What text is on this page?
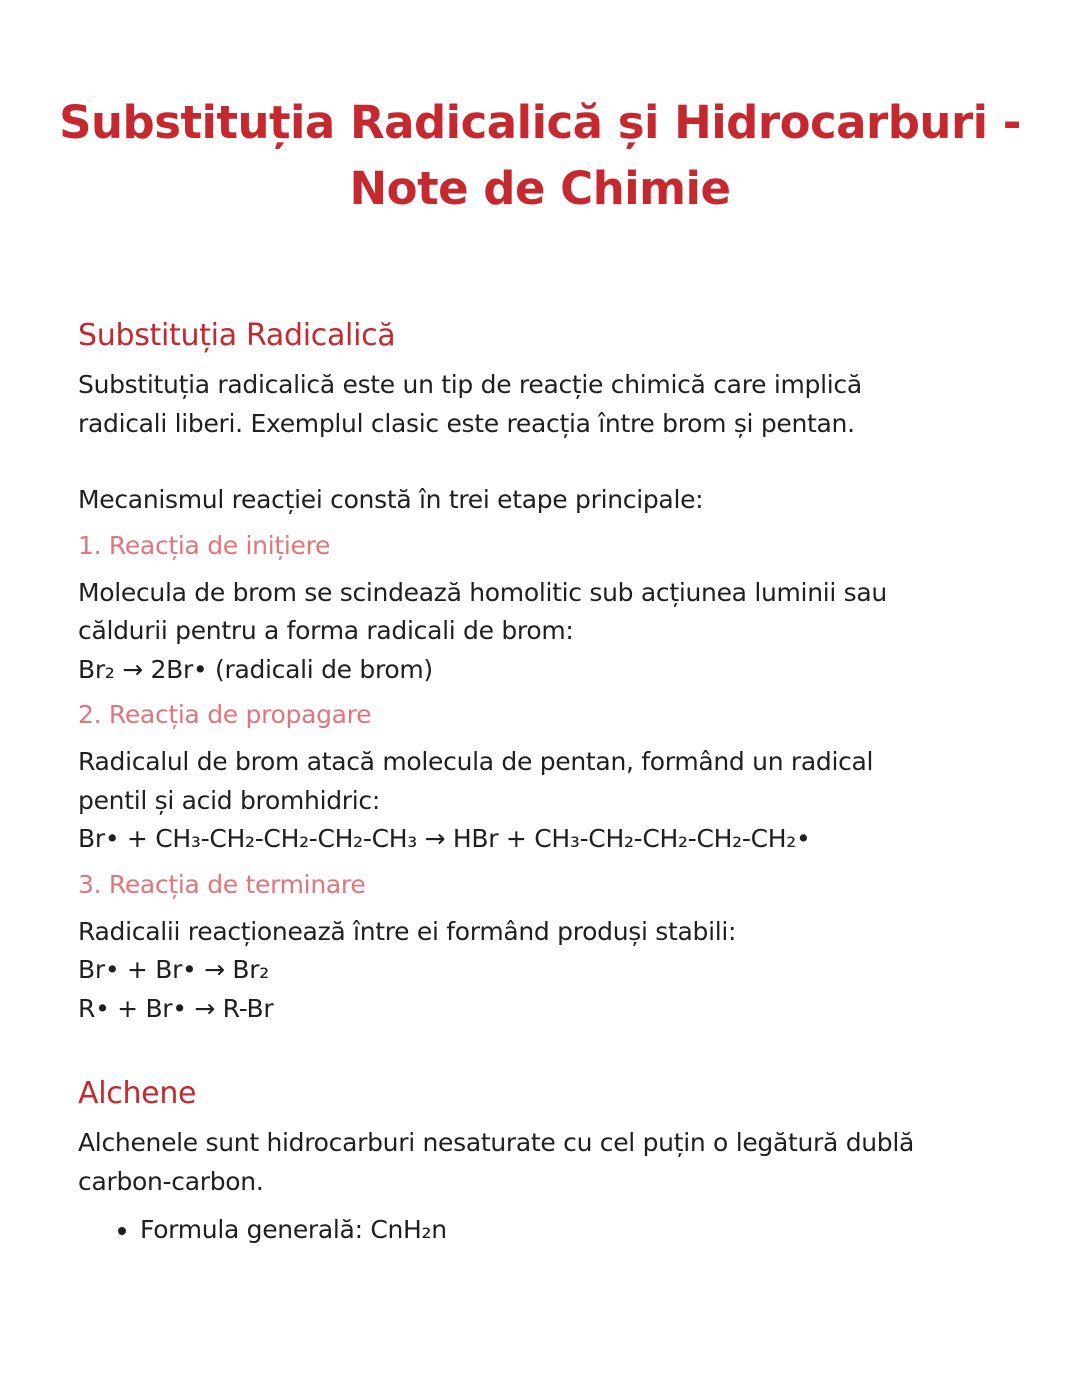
Substituția Radicalică și Hidrocarburi -
Note de Chimie
Substituția Radicalică

Substituția radicalică este un tip de reacție chimică care implică
radicali liberi. Exemplul clasic este reacția între brom și pentan.

Mecanismul reacției constă în trei etape principale:

1. Reacția de inițiere

Molecula de brom se scindează homolitic sub acțiunea luminii sau
căldurii pentru a forma radicali de brom:
Br₂ → 2Br• (radicali de brom)

2. Reacția de propagare

Radicalul de brom atacă molecula de pentan, formând un radical
pentil și acid bromhidric:
Br• + CH₃-CH₂-CH₂-CH₂-CH₃ → HBr + CH₃-CH₂-CH₂-CH₂-CH₂•

3. Reacția de terminare

Radicalii reacționează între ei formând produși stabili:
Br• + Br• → Br₂
R• + Br• → R-Br

Alchene

Alchenele sunt hidrocarburi nesaturate cu cel puțin o legătură dublă
carbon-carbon.

• Formula generală: CnH₂n
